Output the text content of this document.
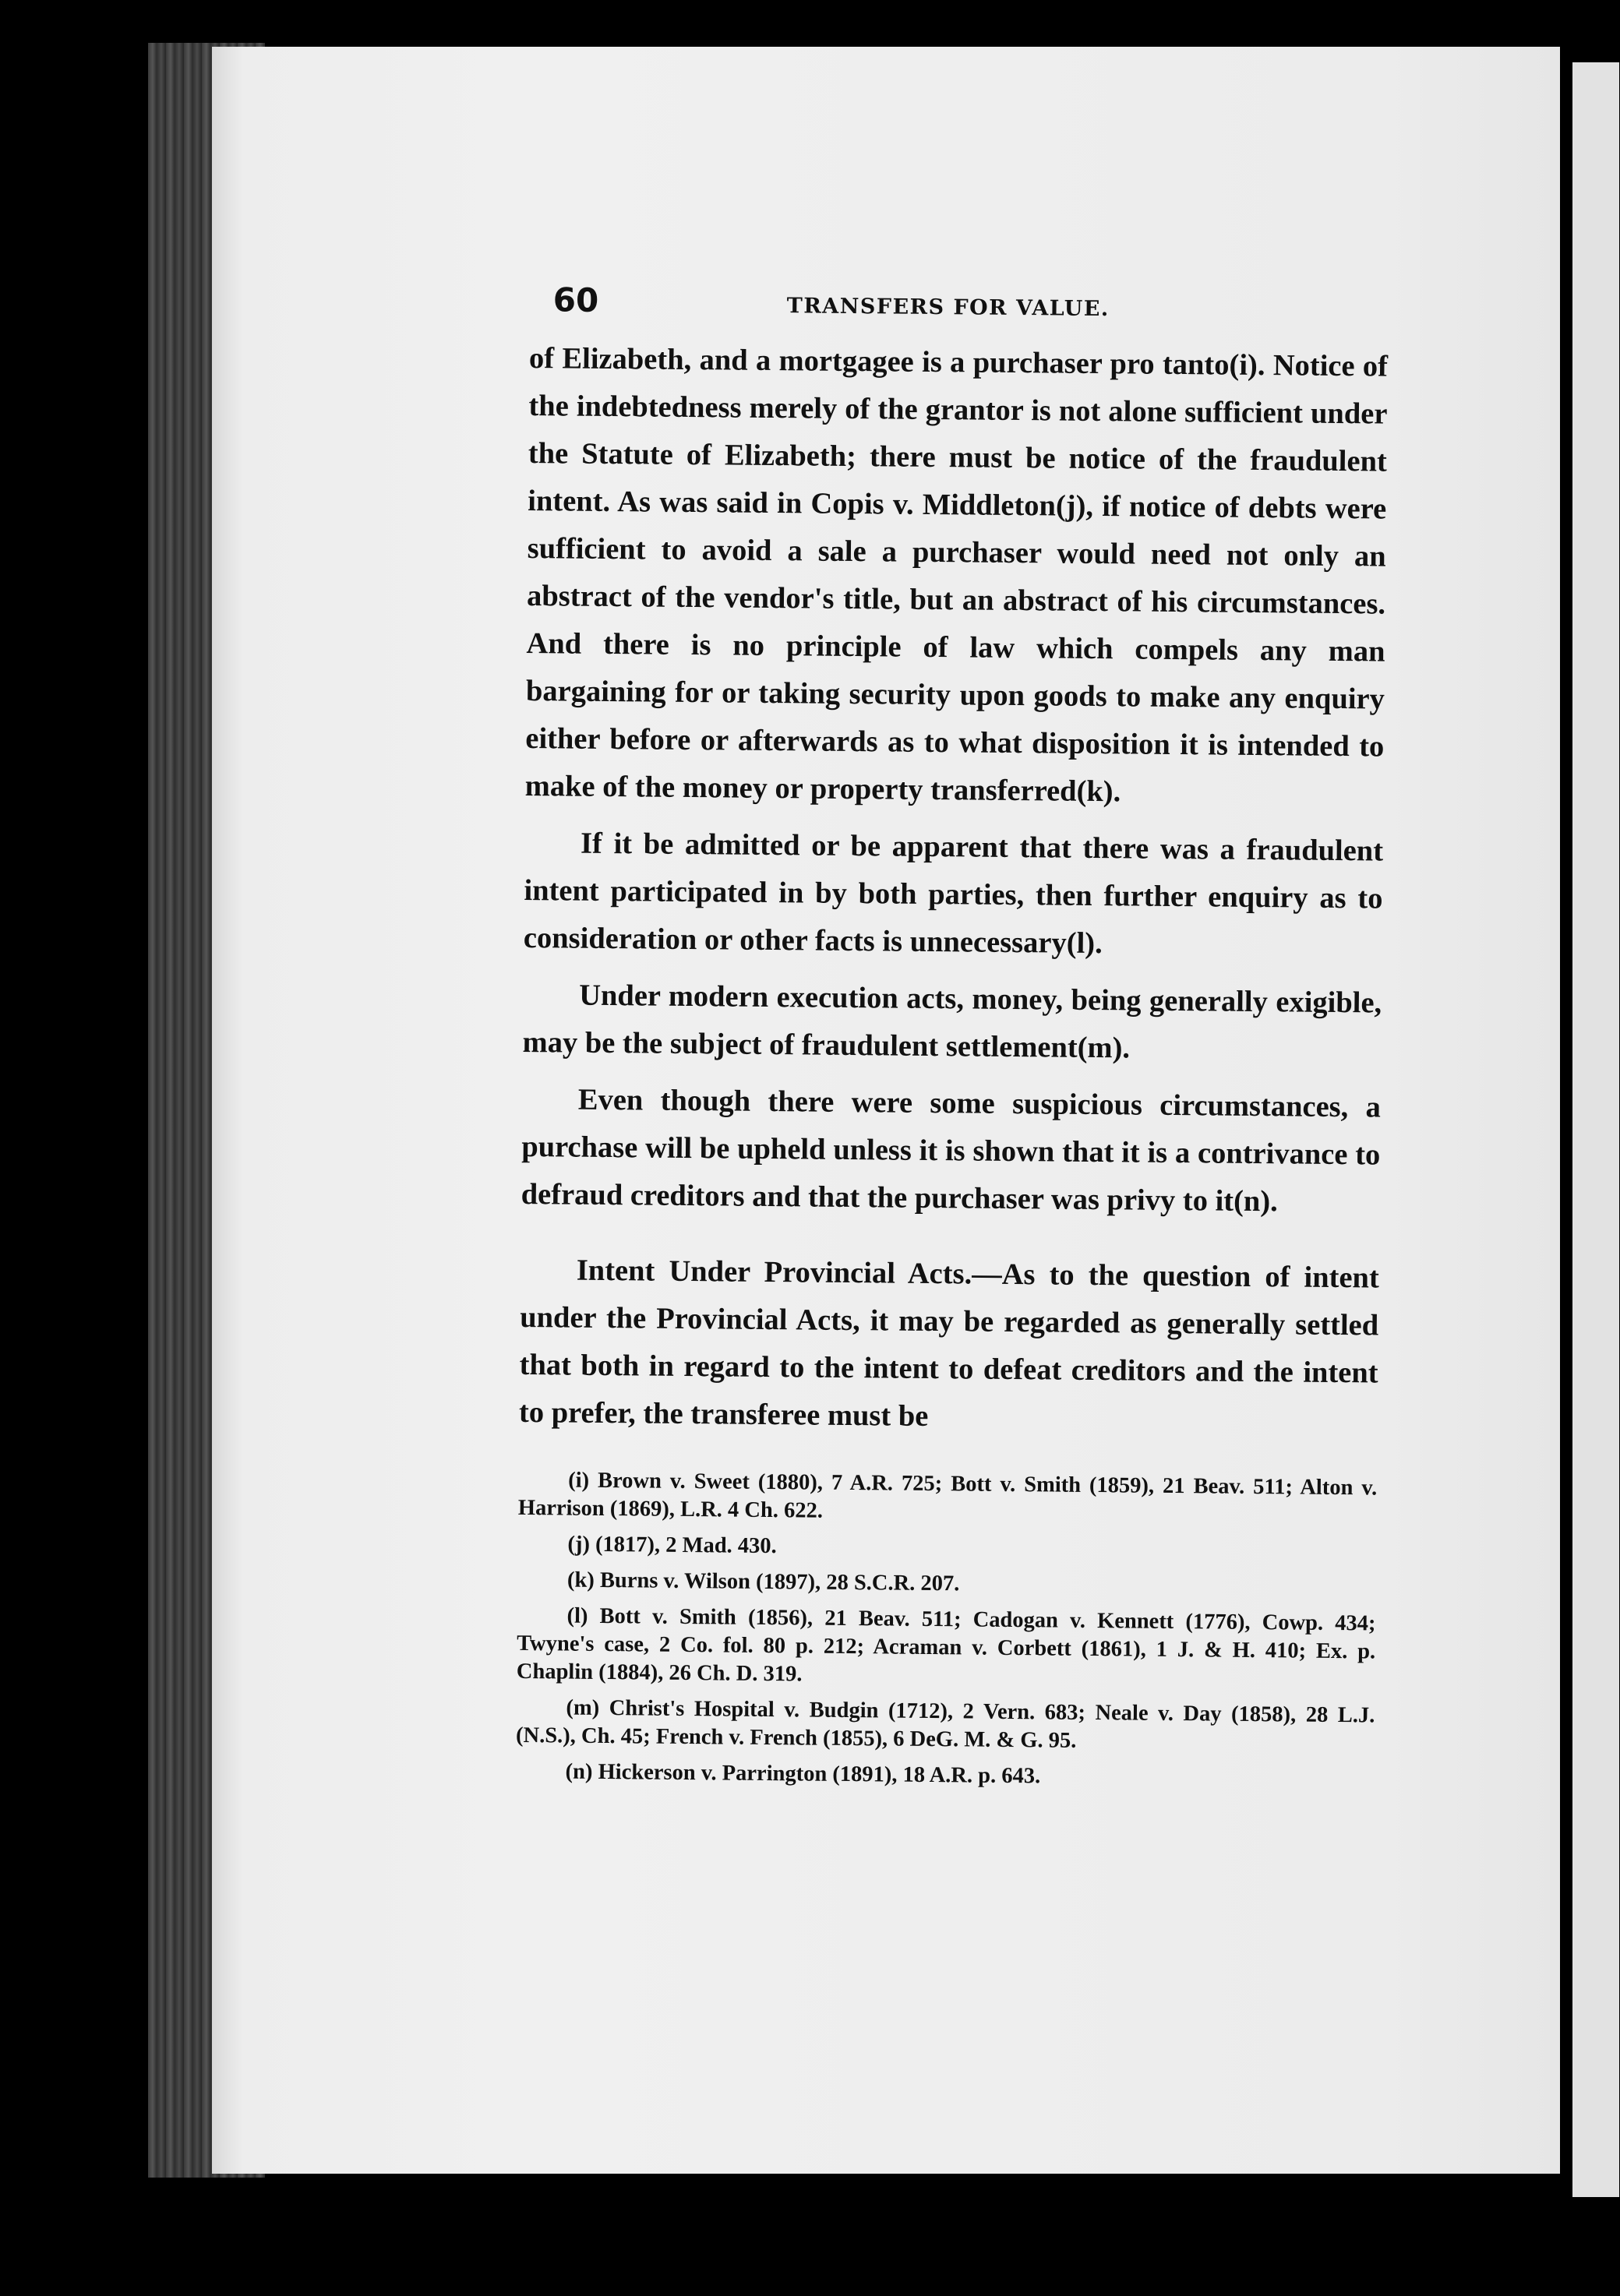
60	TRANSFERS FOR VALUE.

of Elizabeth, and a mortgagee is a purchaser pro tanto(i). Notice of the indebtedness merely of the grantor is not alone sufficient under the Statute of Elizabeth; there must be notice of the fraudulent intent. As was said in Copis v. Middleton(j), if notice of debts were sufficient to avoid a sale a purchaser would need not only an abstract of the vendor's title, but an abstract of his circumstances. And there is no principle of law which compels any man bargaining for or taking security upon goods to make any enquiry either before or afterwards as to what disposition it is intended to make of the money or property transferred(k).

If it be admitted or be apparent that there was a fraudulent intent participated in by both parties, then further enquiry as to consideration or other facts is unnecessary(l).

Under modern execution acts, money, being generally exigible, may be the subject of fraudulent settlement(m).

Even though there were some suspicious circumstances, a purchase will be upheld unless it is shown that it is a contrivance to defraud creditors and that the purchaser was privy to it(n).

Intent Under Provincial Acts.—As to the question of intent under the Provincial Acts, it may be regarded as generally settled that both in regard to the intent to defeat creditors and the intent to prefer, the transferee must be

(i) Brown v. Sweet (1880), 7 A.R. 725; Bott v. Smith (1859), 21 Beav. 511; Alton v. Harrison (1869), L.R. 4 Ch. 622.

(j) (1817), 2 Mad. 430.

(k) Burns v. Wilson (1897), 28 S.C.R. 207.

(l) Bott v. Smith (1856), 21 Beav. 511; Cadogan v. Kennett (1776), Cowp. 434; Twyne's case, 2 Co. fol. 80 p. 212; Acraman v. Corbett (1861), 1 J. & H. 410; Ex. p. Chaplin (1884), 26 Ch. D. 319.

(m) Christ's Hospital v. Budgin (1712), 2 Vern. 683; Neale v. Day (1858), 28 L.J. (N.S.), Ch. 45; French v. French (1855), 6 DeG. M. & G. 95.

(n) Hickerson v. Parrington (1891), 18 A.R. p. 643.
